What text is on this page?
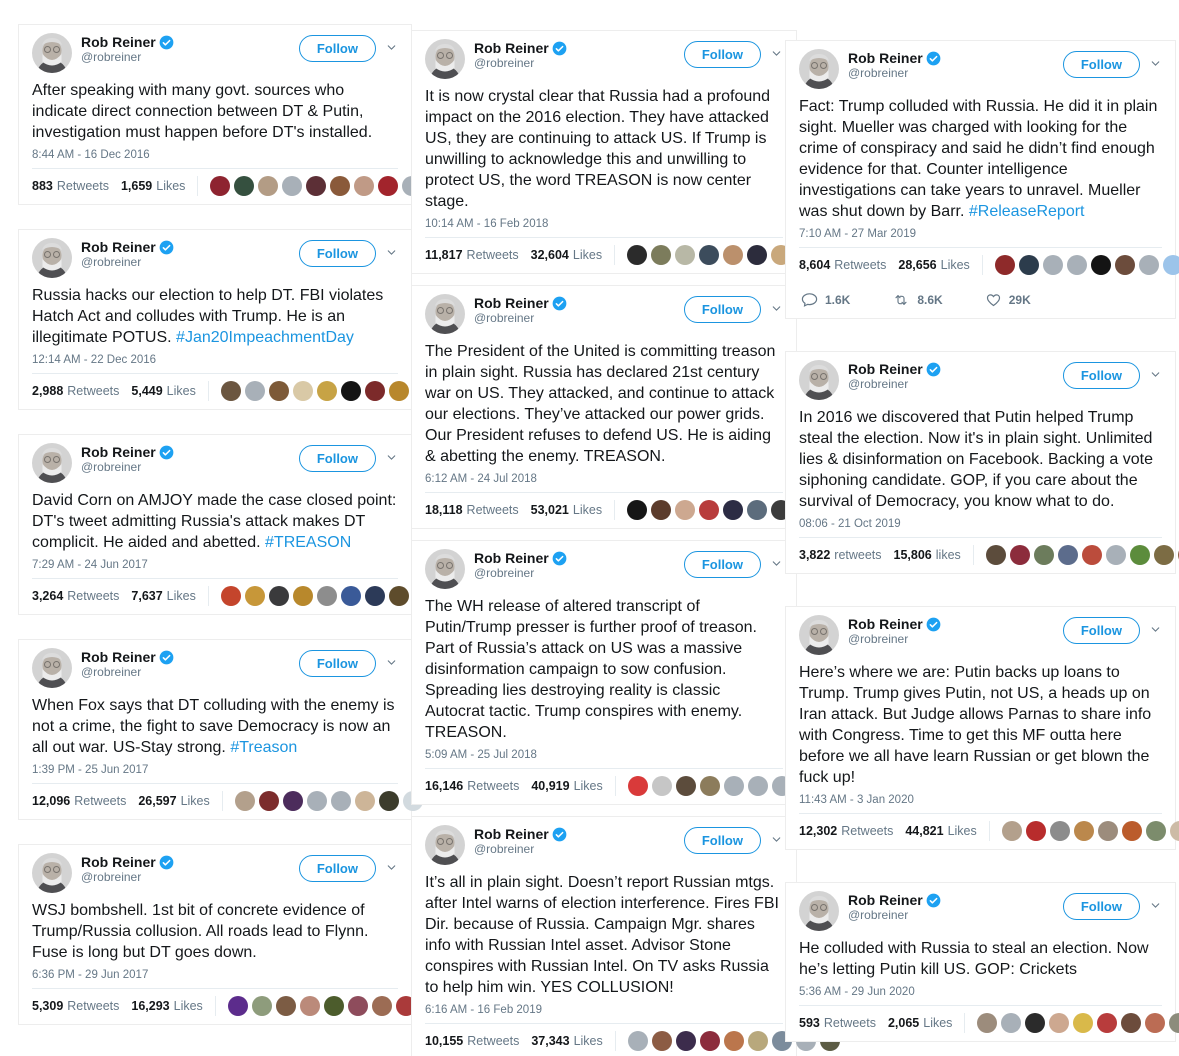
Rob Reiner
@robreiner
Follow

After speaking with many govt. sources who indicate direct connection between DT & Putin, investigation must happen before DT's installed.

8:44 AM - 16 Dec 2016
883 Retweets 1,659 Likes
Rob Reiner
@robreiner
Follow

Russia hacks our election to help DT. FBI violates Hatch Act and colludes with Trump. He is an illegitimate POTUS. #Jan20ImpeachmentDay

12:14 AM - 22 Dec 2016
2,988 Retweets 5,449 Likes
Rob Reiner
@robreiner
Follow

David Corn on AMJOY made the case closed point: DT's tweet admitting Russia's attack makes DT complicit. He aided and abetted. #TREASON

7:29 AM - 24 Jun 2017
3,264 Retweets 7,637 Likes
Rob Reiner
@robreiner
Follow

When Fox says that DT colluding with the enemy is not a crime, the fight to save Democracy is now an all out war. US-Stay strong. #Treason

1:39 PM - 25 Jun 2017
12,096 Retweets 26,597 Likes
Rob Reiner
@robreiner
Follow

WSJ bombshell. 1st bit of concrete evidence of Trump/Russia collusion. All roads lead to Flynn. Fuse is long but DT goes down.

6:36 PM - 29 Jun 2017
5,309 Retweets 16,293 Likes
Rob Reiner
@robreiner
Follow

It is now crystal clear that Russia had a profound impact on the 2016 election. They have attacked US, they are continuing to attack US. If Trump is unwilling to acknowledge this and unwilling to protect US, the word TREASON is now center stage.

10:14 AM - 16 Feb 2018
11,817 Retweets 32,604 Likes
Rob Reiner
@robreiner
Follow

The President of the United is committing treason in plain sight. Russia has declared 21st century war on US. They attacked, and continue to attack our elections. They’ve attacked our power grids. Our President refuses to defend US. He is aiding & abetting the enemy. TREASON.

6:12 AM - 24 Jul 2018
18,118 Retweets 53,021 Likes
Rob Reiner
@robreiner
Follow

The WH release of altered transcript of Putin/Trump presser is further proof of treason. Part of Russia’s attack on US was a massive disinformation campaign to sow confusion. Spreading lies destroying reality is classic Autocrat tactic. Trump conspires with enemy. TREASON.

5:09 AM - 25 Jul 2018
16,146 Retweets 40,919 Likes
Rob Reiner
@robreiner
Follow

It’s all in plain sight. Doesn’t report Russian mtgs. after Intel warns of election interference. Fires FBI Dir. because of Russia. Campaign Mgr. shares info with Russian Intel asset. Advisor Stone conspires with Russian Intel. On TV asks Russia to help him win. YES COLLUSION!

6:16 AM - 16 Feb 2019
10,155 Retweets 37,343 Likes
Rob Reiner
@robreiner
Follow

Fact: Trump colluded with Russia. He did it in plain sight. Mueller was charged with looking for the crime of conspiracy and said he didn’t find enough evidence for that. Counter intelligence investigations can take years to unravel. Mueller was shut down by Barr. #ReleaseReport

7:10 AM - 27 Mar 2019
8,604 Retweets 28,656 Likes
1.6K	8.6K	29K
Rob Reiner
@robreiner
Follow

In 2016 we discovered that Putin helped Trump steal the election. Now it's in plain sight. Unlimited lies & disinformation on Facebook. Backing a vote siphoning candidate. GOP, if you care about the survival of Democracy, you know what to do.

08:06 - 21 Oct 2019
3,822 retweets 15,806 likes
Rob Reiner
@robreiner
Follow

Here’s where we are: Putin backs up loans to Trump. Trump gives Putin, not US, a heads up on Iran attack. But Judge allows Parnas to share info with Congress. Time to get this MF outta here before we all have learn Russian or get blown the fuck up!

11:43 AM - 3 Jan 2020
12,302 Retweets 44,821 Likes
Rob Reiner
@robreiner
Follow

He colluded with Russia to steal an election. Now he’s letting Putin kill US. GOP: Crickets

5:36 AM - 29 Jun 2020
593 Retweets 2,065 Likes
